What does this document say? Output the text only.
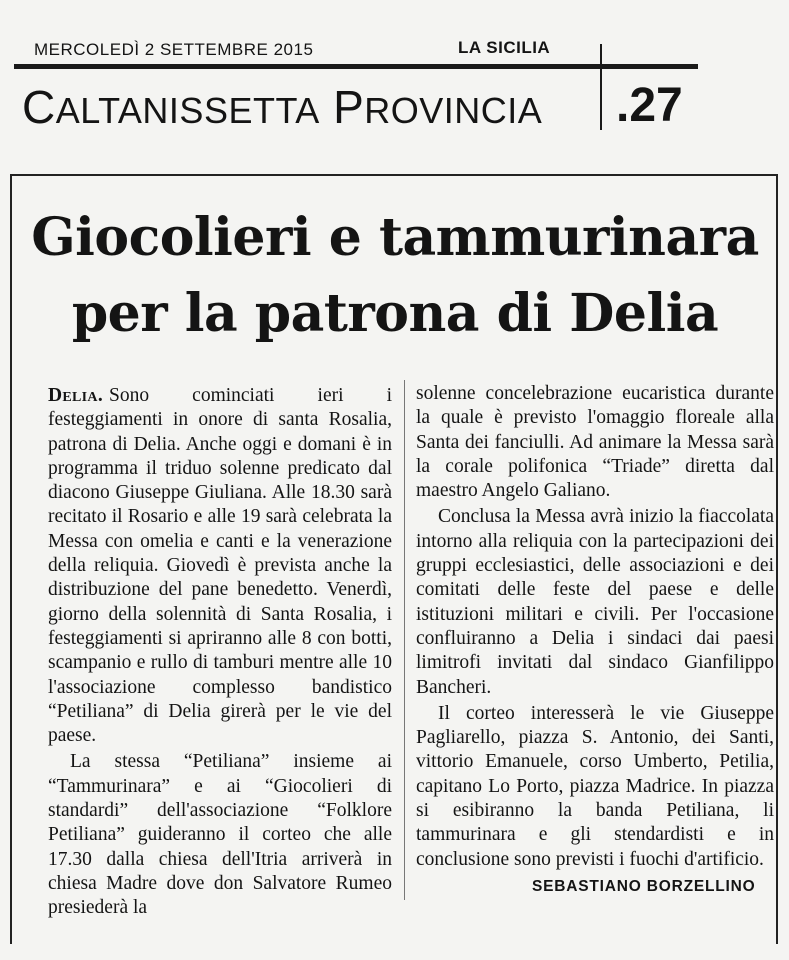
MERCOLEDÌ 2 SETTEMBRE 2015	LA SICILIA
CALTANISSETTA PROVINCIA .27
Giocolieri e tammurinara
per la patrona di Delia

Delia. Sono cominciati ieri i festeggiamenti in onore di santa Rosalia, patrona di Delia. Anche oggi e domani è in programma il triduo solenne predicato dal diacono Giuseppe Giuliana. Alle 18.30 sarà recitato il Rosario e alle 19 sarà celebrata la Messa con omelia e canti e la venerazione della reliquia. Giovedì è prevista anche la distribuzione del pane benedetto. Venerdì, giorno della solennità di Santa Rosalia, i festeggiamenti si apriranno alle 8 con botti, scampanio e rullo di tamburi mentre alle 10 l'associazione complesso bandistico “Petiliana” di Delia girerà per le vie del paese.

La stessa “Petiliana” insieme ai “Tammurinara” e ai “Giocolieri di standardi” dell'associazione “Folklore Petiliana” guideranno il corteo che alle 17.30 dalla chiesa dell'Itria arriverà in chiesa Madre dove don Salvatore Rumeo presiederà la

solenne concelebrazione eucaristica durante la quale è previsto l'omaggio floreale alla Santa dei fanciulli. Ad animare la Messa sarà la corale polifonica “Triade” diretta dal maestro Angelo Galiano.

Conclusa la Messa avrà inizio la fiaccolata intorno alla reliquia con la partecipazioni dei gruppi ecclesiastici, delle associazioni e dei comitati delle feste del paese e delle istituzioni militari e civili. Per l'occasione confluiranno a Delia i sindaci dai paesi limitrofi invitati dal sindaco Gianfilippo Bancheri.

Il corteo interesserà le vie Giuseppe Pagliarello, piazza S. Antonio, dei Santi, vittorio Emanuele, corso Umberto, Petilia, capitano Lo Porto, piazza Madrice. In piazza si esibiranno la banda Petiliana, li tammurinara e gli stendardisti e in conclusione sono previsti i fuochi d'artificio.

SEBASTIANO BORZELLINO
